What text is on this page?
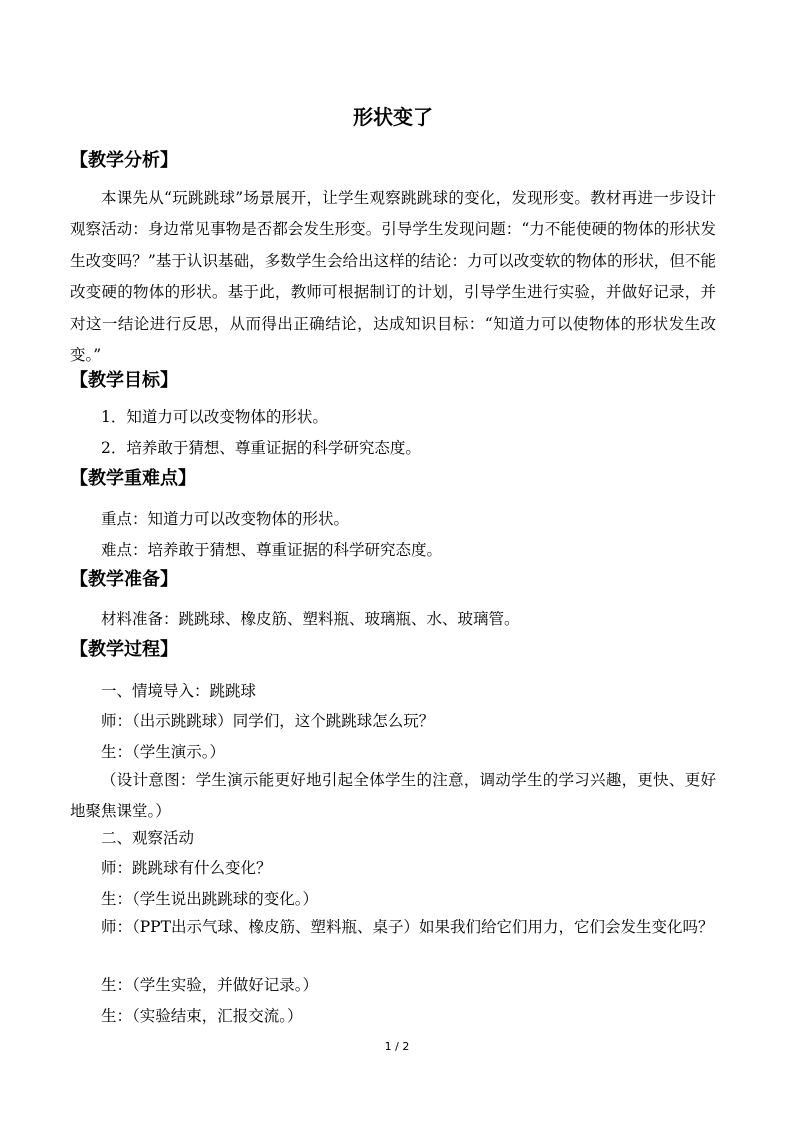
形状变了
【教学分析】
本课先从“玩跳跳球”场景展开，让学生观察跳跳球的变化，发现形变。教材再进一步设计观察活动：身边常见事物是否都会发生形变。引导学生发现问题：“力不能使硬的物体的形状发生改变吗？”基于认识基础，多数学生会给出这样的结论：力可以改变软的物体的形状，但不能改变硬的物体的形状。基于此，教师可根据制订的计划，引导学生进行实验，并做好记录，并对这一结论进行反思，从而得出正确结论，达成知识目标：“知道力可以使物体的形状发生改变。”
【教学目标】
1．知道力可以改变物体的形状。
2．培养敢于猜想、尊重证据的科学研究态度。
【教学重难点】
重点：知道力可以改变物体的形状。
难点：培养敢于猜想、尊重证据的科学研究态度。
【教学准备】
材料准备：跳跳球、橡皮筋、塑料瓶、玻璃瓶、水、玻璃管。
【教学过程】
一、情境导入：跳跳球
师：（出示跳跳球）同学们，这个跳跳球怎么玩？
生：（学生演示。）
（设计意图：学生演示能更好地引起全体学生的注意，调动学生的学习兴趣，更快、更好地聚焦课堂。）
二、观察活动
师：跳跳球有什么变化？
生：（学生说出跳跳球的变化。）
师：（PPT出示气球、橡皮筋、塑料瓶、桌子）如果我们给它们用力，它们会发生变化吗？
生：（学生实验，并做好记录。）
生：（实验结束，汇报交流。）
1 / 2
